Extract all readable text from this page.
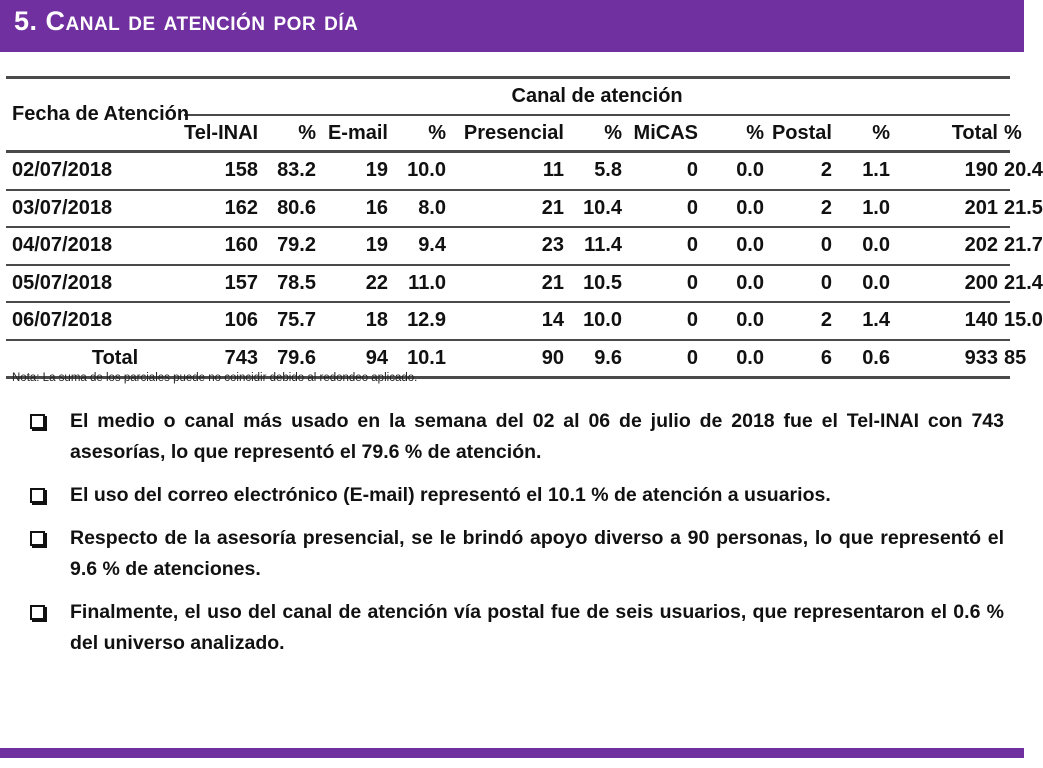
5. Canal de atención por día
Fecha de Atención	Canal de atención											
	Tel-INAI	%	E-mail	%	Presencial	%	MiCAS	%	Postal	%	Total	%
02/07/2018	158	83.2	19	10.0	11	5.8	0	0.0	2	1.1	190	20.4
03/07/2018	162	80.6	16	8.0	21	10.4	0	0.0	2	1.0	201	21.5
04/07/2018	160	79.2	19	9.4	23	11.4	0	0.0	0	0.0	202	21.7
05/07/2018	157	78.5	22	11.0	21	10.5	0	0.0	0	0.0	200	21.4
06/07/2018	106	75.7	18	12.9	14	10.0	0	0.0	2	1.4	140	15.0
Total	743	79.6	94	10.1	90	9.6	0	0.0	6	0.6	933	85
Nota: La suma de los parciales puede no coincidir debido al redondeo aplicado.
El medio o canal más usado en la semana del 02 al 06 de julio de 2018 fue el Tel-INAI con 743 asesorías, lo que representó el 79.6 % de atención.
El uso del correo electrónico (E-mail) representó el 10.1 % de atención a usuarios.
Respecto de la asesoría presencial, se le brindó apoyo diverso a 90 personas, lo que representó el 9.6 % de atenciones.
Finalmente, el uso del canal de atención vía postal fue de seis usuarios, que representaron el 0.6 % del universo analizado.
